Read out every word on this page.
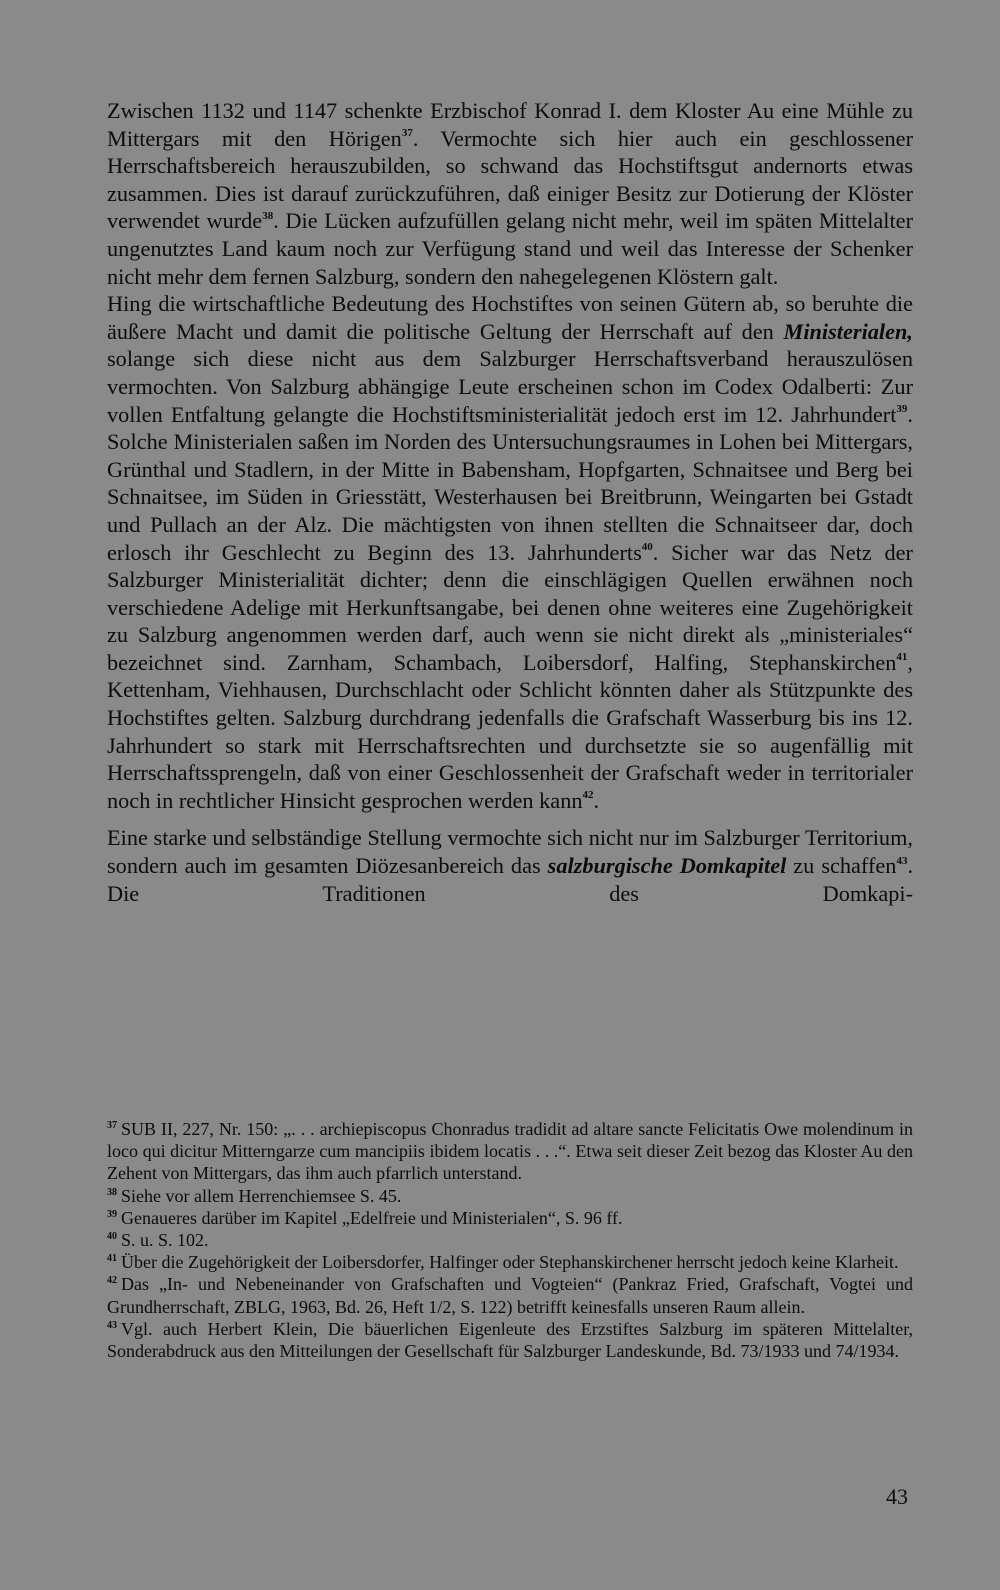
Zwischen 1132 und 1147 schenkte Erzbischof Konrad I. dem Kloster Au eine Mühle zu Mittergars mit den Hörigen$^{37}$. Vermochte sich hier auch ein geschlossener Herrschaftsbereich herauszubilden, so schwand das Hochstiftsgut andernorts etwas zusammen. Dies ist darauf zurückzuführen, daß einiger Besitz zur Dotierung der Klöster verwendet wurde$^{38}$. Die Lücken aufzufüllen gelang nicht mehr, weil im späten Mittelalter ungenutztes Land kaum noch zur Verfügung stand und weil das Interesse der Schenker nicht mehr dem fernen Salzburg, sondern den nahegelegenen Klöstern galt.

Hing die wirtschaftliche Bedeutung des Hochstiftes von seinen Gütern ab, so beruhte die äußere Macht und damit die politische Geltung der Herrschaft auf den Ministerialen, solange sich diese nicht aus dem Salzburger Herrschaftsverband herauszulösen vermochten. Von Salzburg abhängige Leute erscheinen schon im Codex Odalberti: Zur vollen Entfaltung gelangte die Hochstiftsministerialität jedoch erst im 12. Jahrhundert$^{39}$. Solche Ministerialen saßen im Norden des Untersuchungsraumes in Lohen bei Mittergars, Grünthal und Stadlern, in der Mitte in Babensham, Hopfgarten, Schnaitsee und Berg bei Schnaitsee, im Süden in Griesstätt, Westerhausen bei Breitbrunn, Weingarten bei Gstadt und Pullach an der Alz. Die mächtigsten von ihnen stellten die Schnaitseer dar, doch erlosch ihr Geschlecht zu Beginn des 13. Jahrhunderts$^{40}$. Sicher war das Netz der Salzburger Ministerialität dichter; denn die einschlägigen Quellen erwähnen noch verschiedene Adelige mit Herkunftsangabe, bei denen ohne weiteres eine Zugehörigkeit zu Salzburg angenommen werden darf, auch wenn sie nicht direkt als „ministeriales“ bezeichnet sind. Zarnham, Schambach, Loibersdorf, Halfing, Stephanskirchen$^{41}$, Kettenham, Viehhausen, Durchschlacht oder Schlicht könnten daher als Stützpunkte des Hochstiftes gelten. Salzburg durchdrang jedenfalls die Grafschaft Wasserburg bis ins 12. Jahrhundert so stark mit Herrschaftsrechten und durchsetzte sie so augenfällig mit Herrschaftssprengeln, daß von einer Geschlossenheit der Grafschaft weder in territorialer noch in rechtlicher Hinsicht gesprochen werden kann$^{42}$.

Eine starke und selbständige Stellung vermochte sich nicht nur im Salzburger Territorium, sondern auch im gesamten Diözesanbereich das salzburgische Domkapitel zu schaffen$^{43}$. Die Traditionen des Domkapi-

$^{37}$ SUB II, 227, Nr. 150: „. . . archiepiscopus Chonradus tradidit ad altare sancte Felicitatis Owe molendinum in loco qui dicitur Mitterngarze cum mancipiis ibidem locatis . . .“. Etwa seit dieser Zeit bezog das Kloster Au den Zehent von Mittergars, das ihm auch pfarrlich unterstand.
$^{38}$ Siehe vor allem Herrenchiemsee S. 45.
$^{39}$ Genaueres darüber im Kapitel „Edelfreie und Ministerialen“, S. 96 ff.
$^{40}$ S. u. S. 102.
$^{41}$ Über die Zugehörigkeit der Loibersdorfer, Halfinger oder Stephanskirchener herrscht jedoch keine Klarheit.
$^{42}$ Das „In- und Nebeneinander von Grafschaften und Vogteien“ (Pankraz Fried, Grafschaft, Vogtei und Grundherrschaft, ZBLG, 1963, Bd. 26, Heft 1/2, S. 122) betrifft keinesfalls unseren Raum allein.
$^{43}$ Vgl. auch Herbert Klein, Die bäuerlichen Eigenleute des Erzstiftes Salzburg im späteren Mittelalter, Sonderabdruck aus den Mitteilungen der Gesellschaft für Salzburger Landeskunde, Bd. 73/1933 und 74/1934.
43
